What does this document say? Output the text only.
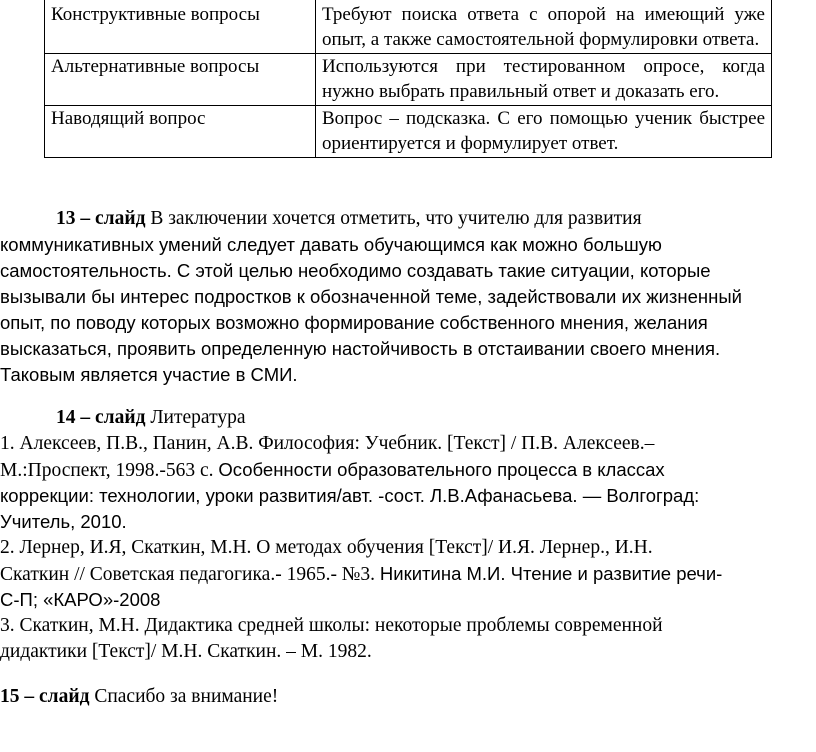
Конструктивные вопросы	Требуют поиска ответа с опорой на имеющий уже опыт, а также самостоятельной формулировки ответа.
Альтернативные вопросы	Используются при тестированном опросе, когда нужно выбрать правильный ответ и доказать его.
Наводящий вопрос	Вопрос – подсказка. С его помощью ученик быстрее ориентируется и формулирует ответ.
13 – слайд В заключении хочется отметить, что учителю для развития
коммуникативных умений следует давать обучающимся как можно большую
самостоятельность. С этой целью необходимо создавать такие ситуации, которые
вызывали бы интерес подростков к обозначенной теме, задействовали их жизненный
опыт, по поводу которых возможно формирование собственного мнения, желания
высказаться, проявить определенную настойчивость в отстаивании своего мнения.
Таковым является участие в СМИ.
14 – слайд Литература
1. Алексеев, П.В., Панин, А.В. Философия: Учебник. [Текст] / П.В. Алексеев.–
М.:Проспект, 1998.-563 с. Особенности образовательного процесса в классах
коррекции: технологии, уроки развития/авт. -сост. Л.В.Афанасьева. — Волгоград:
Учитель, 2010.
2. Лернер, И.Я, Скаткин, М.Н. О методах обучения [Текст]/ И.Я. Лернер., И.Н.
Скаткин // Советская педагогика.- 1965.- №3. Никитина М.И. Чтение и развитие речи-
С-П; «КАРО»-2008
3. Скаткин, М.Н. Дидактика средней школы: некоторые проблемы современной
дидактики [Текст]/ М.Н. Скаткин. – М. 1982.
15 – слайд Спасибо за внимание!
